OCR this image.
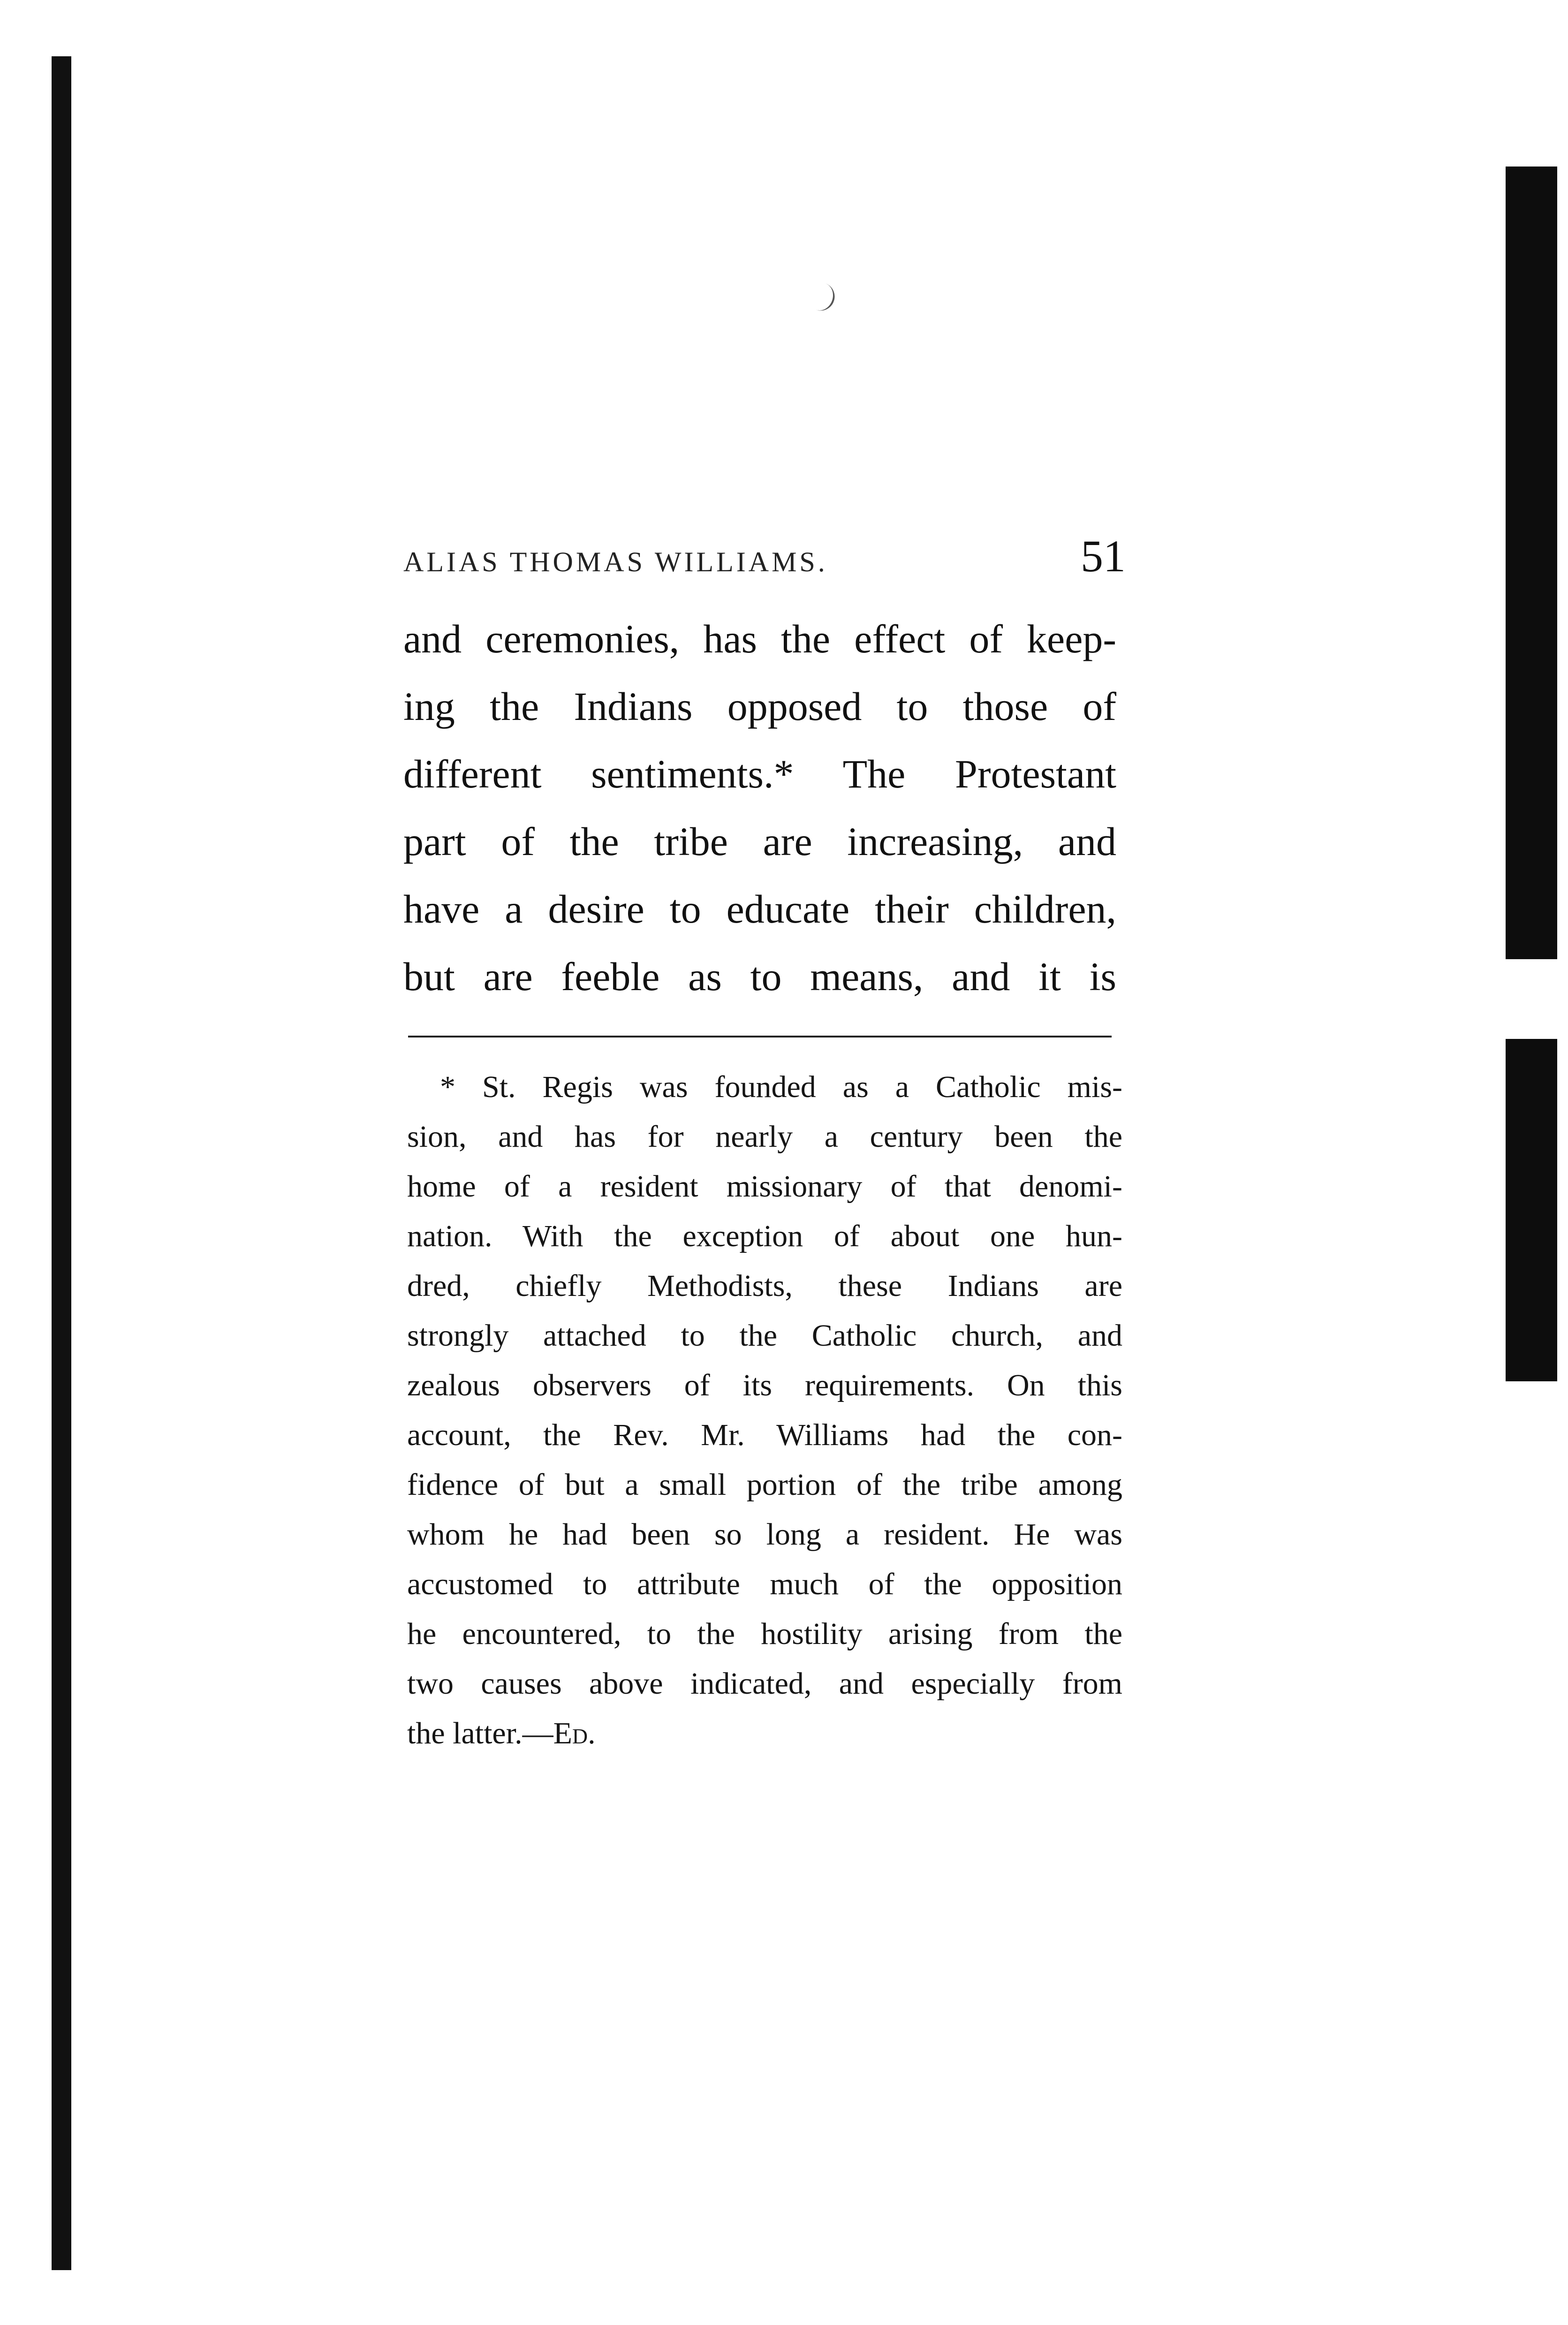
ALIAS THOMAS WILLIAMS.	51
and ceremonies, has the effect of keep-
ing the Indians opposed to those of
different sentiments.* The Protestant
part of the tribe are increasing, and
have a desire to educate their children,
but are feeble as to means, and it is
* St. Regis was founded as a Catholic mis-
sion, and has for nearly a century been the
home of a resident missionary of that denomi-
nation. With the exception of about one hun-
dred, chiefly Methodists, these Indians are
strongly attached to the Catholic church, and
zealous observers of its requirements. On this
account, the Rev. Mr. Williams had the con-
fidence of but a small portion of the tribe among
whom he had been so long a resident. He was
accustomed to attribute much of the opposition
he encountered, to the hostility arising from the
two causes above indicated, and especially from
the latter.—Ed.
